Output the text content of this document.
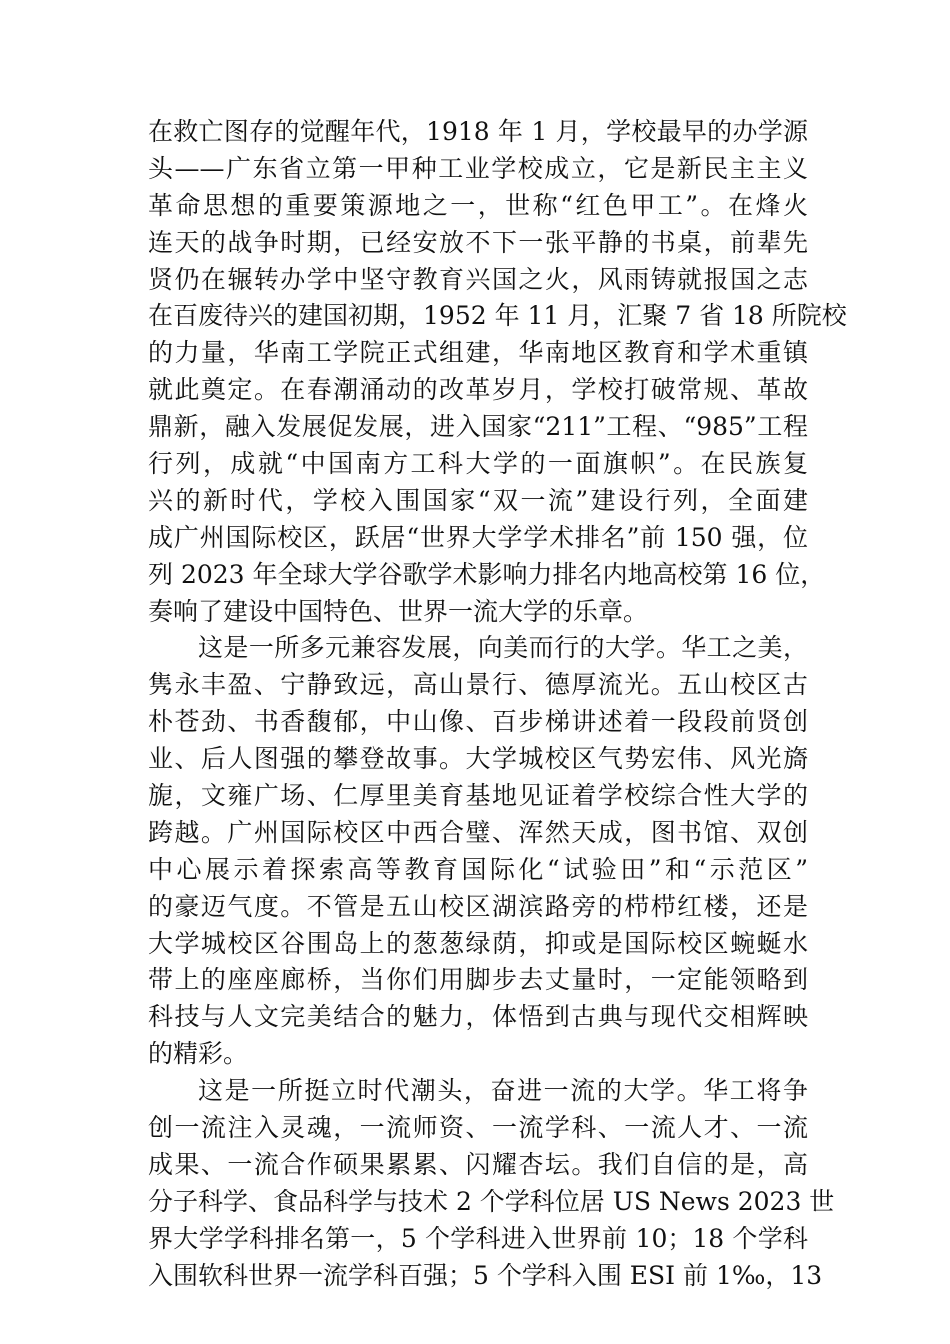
在救亡图存的觉醒年代，1918 年 1 月，学校最早的办学源
头——广东省立第一甲种工业学校成立，它是新民主主义
革命思想的重要策源地之一，世称“红色甲工”。在烽火
连天的战争时期，已经安放不下一张平静的书桌，前辈先
贤仍在辗转办学中坚守教育兴国之火，风雨铸就报国之志
在百废待兴的建国初期，1952 年 11 月，汇聚 7 省 18 所院校
的力量，华南工学院正式组建，华南地区教育和学术重镇
就此奠定。在春潮涌动的改革岁月，学校打破常规、革故
鼎新，融入发展促发展，进入国家“211”工程、“985”工程
行列，成就“中国南方工科大学的一面旗帜”。在民族复
兴的新时代，学校入围国家“双一流”建设行列，全面建
成广州国际校区，跃居“世界大学学术排名”前 150 强，位
列 2023 年全球大学谷歌学术影响力排名内地高校第 16 位，
奏响了建设中国特色、世界一流大学的乐章。
这是一所多元兼容发展，向美而行的大学。华工之美，
隽永丰盈、宁静致远，高山景行、德厚流光。五山校区古
朴苍劲、书香馥郁，中山像、百步梯讲述着一段段前贤创
业、后人图强的攀登故事。大学城校区气势宏伟、风光旖
旎，文雍广场、仁厚里美育基地见证着学校综合性大学的
跨越。广州国际校区中西合璧、浑然天成，图书馆、双创
中心展示着探索高等教育国际化“试验田”和“示范区”
的豪迈气度。不管是五山校区湖滨路旁的栉栉红楼，还是
大学城校区谷围岛上的葱葱绿荫，抑或是国际校区蜿蜒水
带上的座座廊桥，当你们用脚步去丈量时，一定能领略到
科技与人文完美结合的魅力，体悟到古典与现代交相辉映
的精彩。
这是一所挺立时代潮头，奋进一流的大学。华工将争
创一流注入灵魂，一流师资、一流学科、一流人才、一流
成果、一流合作硕果累累、闪耀杏坛。我们自信的是，高
分子科学、食品科学与技术 2 个学科位居 US News 2023 世
界大学学科排名第一，5 个学科进入世界前 10；18 个学科
入围软科世界一流学科百强；5 个学科入围 ESI 前 1‰，13
